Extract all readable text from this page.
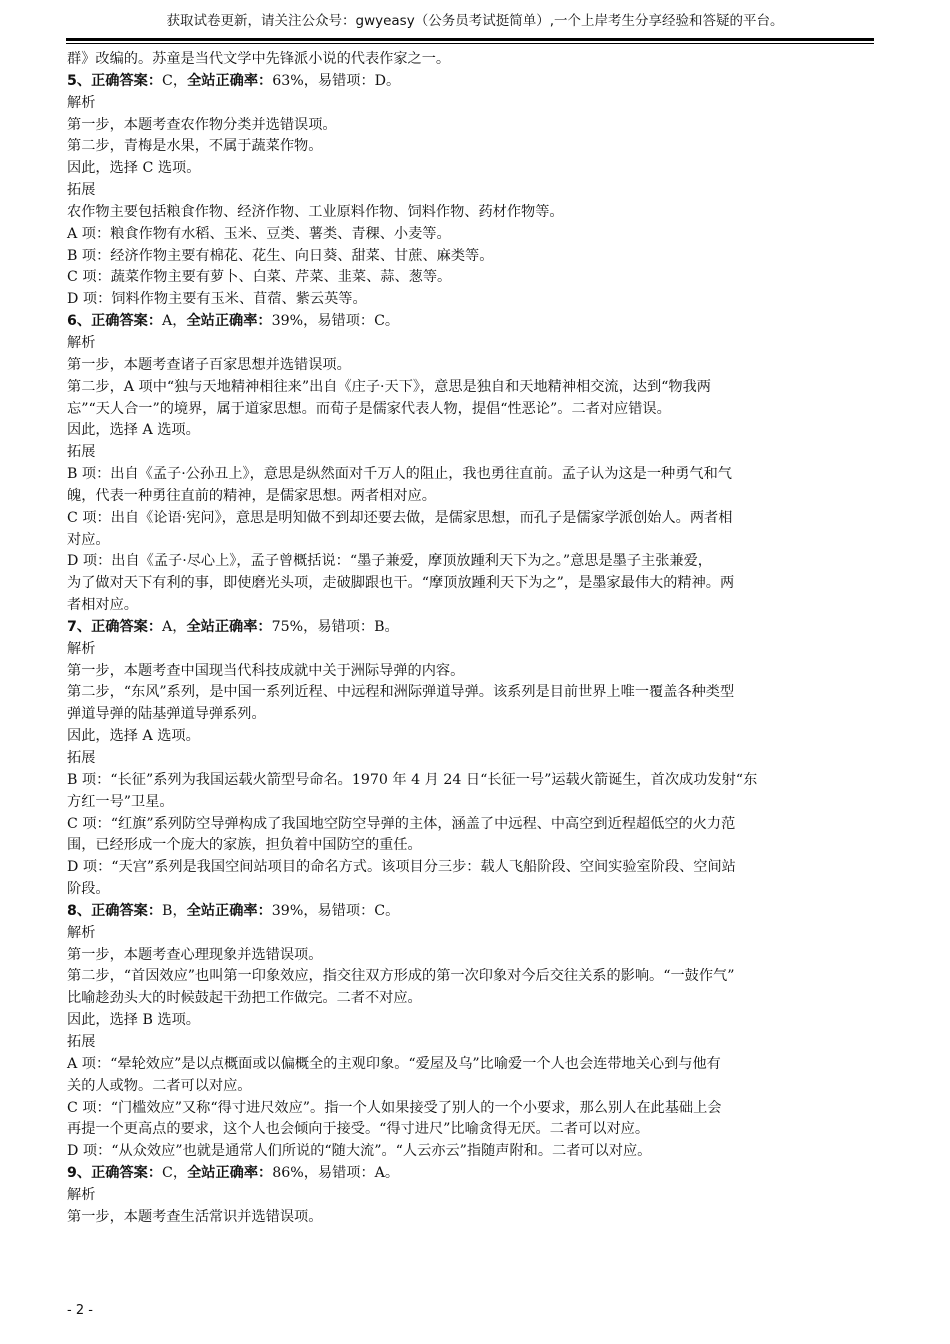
获取试卷更新，请关注公众号：gwyeasy（公务员考试挺简单）,一个上岸考生分享经验和答疑的平台。

群》改编的。苏童是当代文学中先锋派小说的代表作家之一。

5、正确答案：C，全站正确率：63%，易错项：D。

解析

第一步，本题考查农作物分类并选错误项。

第二步，青梅是水果，不属于蔬菜作物。

因此，选择 C 选项。

拓展

农作物主要包括粮食作物、经济作物、工业原料作物、饲料作物、药材作物等。

A 项：粮食作物有水稻、玉米、豆类、薯类、青稞、小麦等。

B 项：经济作物主要有棉花、花生、向日葵、甜菜、甘蔗、麻类等。

C 项：蔬菜作物主要有萝卜、白菜、芹菜、韭菜、蒜、葱等。

D 项：饲料作物主要有玉米、苜蓿、紫云英等。

6、正确答案：A，全站正确率：39%，易错项：C。

解析

第一步，本题考查诸子百家思想并选错误项。

第二步，A 项中“独与天地精神相往来”出自《庄子·天下》，意思是独自和天地精神相交流，达到“物我两

忘”“天人合一”的境界，属于道家思想。而荀子是儒家代表人物，提倡“性恶论”。二者对应错误。

因此，选择 A 选项。

拓展

B 项：出自《孟子·公孙丑上》，意思是纵然面对千万人的阻止，我也勇往直前。孟子认为这是一种勇气和气

魄，代表一种勇往直前的精神，是儒家思想。两者相对应。

C 项：出自《论语·宪问》，意思是明知做不到却还要去做，是儒家思想，而孔子是儒家学派创始人。两者相

对应。

D 项：出自《孟子·尽心上》，孟子曾概括说：“墨子兼爱，摩顶放踵利天下为之。”意思是墨子主张兼爱，

为了做对天下有利的事，即使磨光头项，走破脚跟也干。“摩顶放踵利天下为之”，是墨家最伟大的精神。两

者相对应。

7、正确答案：A，全站正确率：75%，易错项：B。

解析

第一步，本题考查中国现当代科技成就中关于洲际导弹的内容。

第二步，“东风”系列，是中国一系列近程、中远程和洲际弹道导弹。该系列是目前世界上唯一覆盖各种类型

弹道导弹的陆基弹道导弹系列。

因此，选择 A 选项。

拓展

B 项：“长征”系列为我国运载火箭型号命名。1970 年 4 月 24 日“长征一号”运载火箭诞生，首次成功发射“东

方红一号”卫星。

C 项：“红旗”系列防空导弹构成了我国地空防空导弹的主体，涵盖了中远程、中高空到近程超低空的火力范

围，已经形成一个庞大的家族，担负着中国防空的重任。

D 项：“天宫”系列是我国空间站项目的命名方式。该项目分三步：载人飞船阶段、空间实验室阶段、空间站

阶段。

8、正确答案：B，全站正确率：39%，易错项：C。

解析

第一步，本题考查心理现象并选错误项。

第二步，“首因效应”也叫第一印象效应，指交往双方形成的第一次印象对今后交往关系的影响。“一鼓作气”

比喻趁劲头大的时候鼓起干劲把工作做完。二者不对应。

因此，选择 B 选项。

拓展

A 项：“晕轮效应”是以点概面或以偏概全的主观印象。“爱屋及乌”比喻爱一个人也会连带地关心到与他有

关的人或物。二者可以对应。

C 项：“门槛效应”又称“得寸进尺效应”。指一个人如果接受了别人的一个小要求，那么别人在此基础上会

再提一个更高点的要求，这个人也会倾向于接受。“得寸进尺”比喻贪得无厌。二者可以对应。

D 项：“从众效应”也就是通常人们所说的“随大流”。“人云亦云”指随声附和。二者可以对应。

9、正确答案：C，全站正确率：86%，易错项：A。

解析

第一步，本题考查生活常识并选错误项。

- 2 -
